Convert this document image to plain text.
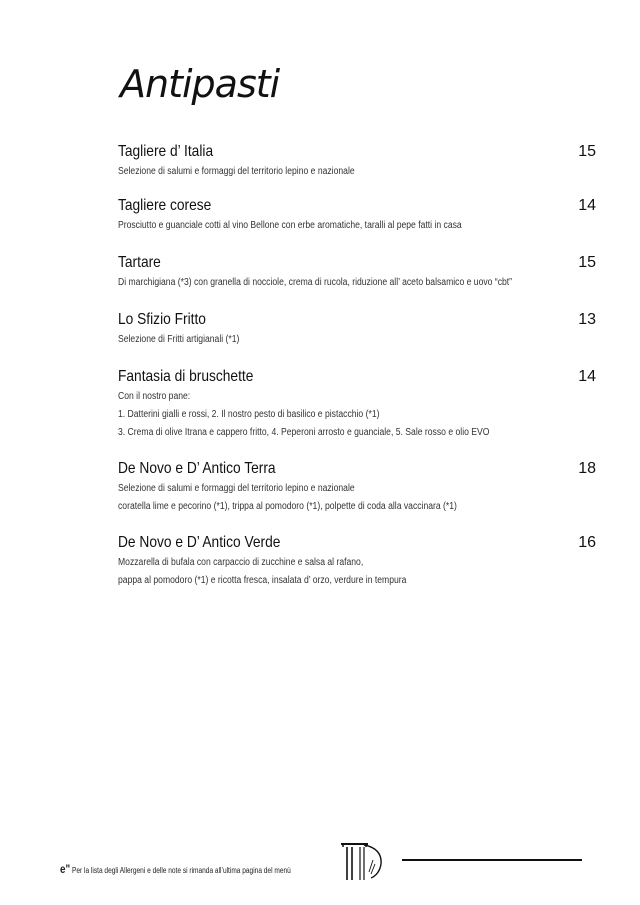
Antipasti
Tagliere d’ Italia	15
Selezione di salumi e formaggi del territorio lepino e nazionale
Tagliere corese	14
Prosciutto e guanciale cotti al vino Bellone con erbe aromatiche, taralli al pepe fatti in casa
Tartare	15
Di marchigiana (*3) con granella di nocciole, crema di rucola, riduzione all’ aceto balsamico e uovo “cbt”
Lo Sfizio Fritto	13
Selezione di Fritti artigianali (*1)
Fantasia di bruschette	14
Con il nostro pane:
1. Datterini gialli e rossi, 2. Il nostro pesto di basilico e pistacchio (*1)
3. Crema di olive Itrana e cappero fritto, 4. Peperoni arrosto e guanciale, 5. Sale rosso e olio EVO
De Novo e D’ Antico Terra	18
Selezione di salumi e formaggi del territorio lepino e nazionale
coratella lime e pecorino (*1), trippa al pomodoro (*1), polpette di coda alla vaccinara (*1)
De Novo e D’ Antico Verde	16
Mozzarella di bufala con carpaccio di zucchine e salsa al rafano,
pappa al pomodoro (*1) e ricotta fresca, insalata d’ orzo, verdure in tempura
e" Per la lista degli Allergeni e delle note si rimanda all’ultima pagina del menù
